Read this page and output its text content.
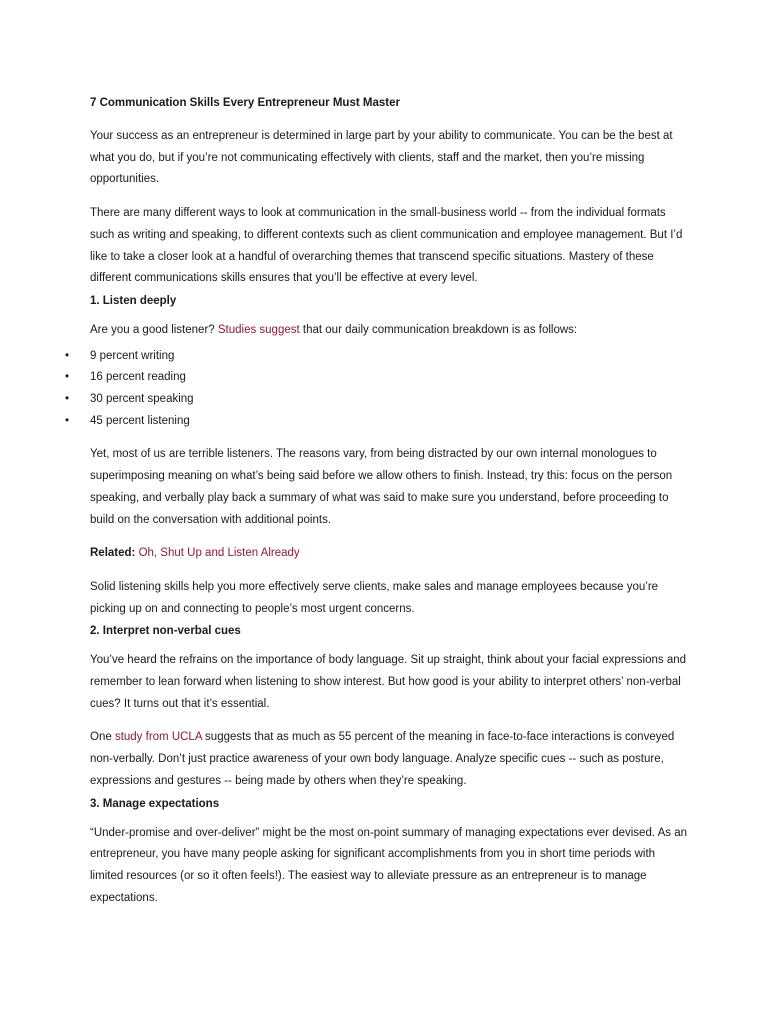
7 Communication Skills Every Entrepreneur Must Master

Your success as an entrepreneur is determined in large part by your ability to communicate. You can be the best at what you do, but if you’re not communicating effectively with clients, staff and the market, then you’re missing opportunities.

There are many different ways to look at communication in the small-business world -- from the individual formats such as writing and speaking, to different contexts such as client communication and employee management. But I’d like to take a closer look at a handful of overarching themes that transcend specific situations. Mastery of these different communications skills ensures that you’ll be effective at every level.

1. Listen deeply

Are you a good listener? Studies suggest that our daily communication breakdown is as follows:

• 9 percent writing
• 16 percent reading
• 30 percent speaking
• 45 percent listening

Yet, most of us are terrible listeners. The reasons vary, from being distracted by our own internal monologues to superimposing meaning on what’s being said before we allow others to finish. Instead, try this: focus on the person speaking, and verbally play back a summary of what was said to make sure you understand, before proceeding to build on the conversation with additional points.

Related: Oh, Shut Up and Listen Already

Solid listening skills help you more effectively serve clients, make sales and manage employees because you’re picking up on and connecting to people’s most urgent concerns.

2. Interpret non-verbal cues

You’ve heard the refrains on the importance of body language. Sit up straight, think about your facial expressions and remember to lean forward when listening to show interest. But how good is your ability to interpret others’ non-verbal cues? It turns out that it’s essential.

One study from UCLA suggests that as much as 55 percent of the meaning in face-to-face interactions is conveyed non-verbally. Don’t just practice awareness of your own body language. Analyze specific cues -- such as posture, expressions and gestures -- being made by others when they’re speaking.

3. Manage expectations

“Under-promise and over-deliver” might be the most on-point summary of managing expectations ever devised. As an entrepreneur, you have many people asking for significant accomplishments from you in short time periods with limited resources (or so it often feels!). The easiest way to alleviate pressure as an entrepreneur is to manage expectations.
